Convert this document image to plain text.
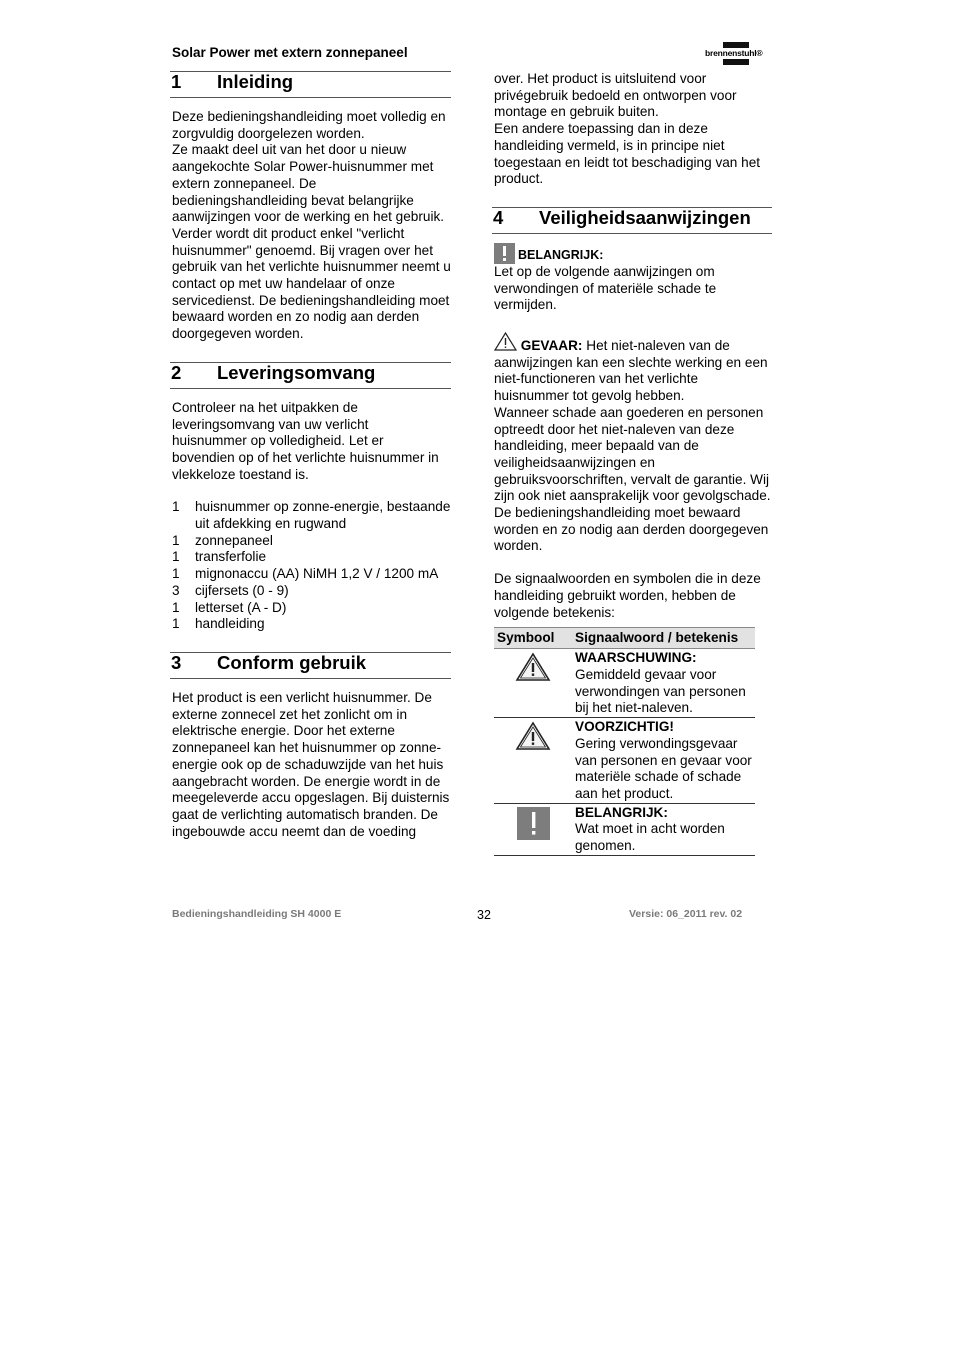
Solar Power met extern zonnepaneel	brennenstuhl®
1 Inleiding

Deze bedieningshandleiding moet volledig en zorgvuldig doorgelezen worden.
Ze maakt deel uit van het door u nieuw aangekochte Solar Power-huisnummer met extern zonnepaneel. De bedieningshandleiding bevat belangrijke aanwijzingen voor de werking en het gebruik. Verder wordt dit product enkel "verlicht huisnummer" genoemd. Bij vragen over het gebruik van het verlichte huisnummer neemt u contact op met uw handelaar of onze servicedienst. De bedieningshandleiding moet bewaard worden en zo nodig aan derden doorgegeven worden.

2 Leveringsomvang

Controleer na het uitpakken de leveringsomvang van uw verlicht huisnummer op volledigheid. Let er bovendien op of het verlichte huisnummer in vlekkeloze toestand is.

1	huisnummer op zonne-energie, bestaande uit afdekking en rugwand
1	zonnepaneel
1	transferfolie
1	mignonaccu (AA) NiMH 1,2 V / 1200 mA
3	cijfersets (0 - 9)
1	letterset (A - D)
1	handleiding
3 Conform gebruik

Het product is een verlicht huisnummer. De externe zonnecel zet het zonlicht om in elektrische energie. Door het externe zonnepaneel kan het huisnummer op zonne-energie ook op de schaduwzijde van het huis aangebracht worden. De energie wordt in de meegeleverde accu opgeslagen. Bij duisternis gaat de verlichting automatisch branden. De ingebouwde accu neemt dan de voeding

over. Het product is uitsluitend voor privégebruik bedoeld en ontworpen voor montage en gebruik buiten.
Een andere toepassing dan in deze handleiding vermeld, is in principe niet toegestaan en leidt tot beschadiging van het product.

4 Veiligheidsaanwijzingen
BELANGRIJK:

Let op de volgende aanwijzingen om verwondingen of materiële schade te vermijden.

GEVAAR: Het niet-naleven van de aanwijzingen kan een slechte werking en een niet-functioneren van het verlichte huisnummer tot gevolg hebben.
Wanneer schade aan goederen en personen optreedt door het niet-naleven van deze handleiding, meer bepaald van de veiligheidsaanwijzingen en gebruiksvoorschriften, vervalt de garantie. Wij zijn ook niet aansprakelijk voor gevolgschade.
De bedieningshandleiding moet bewaard worden en zo nodig aan derden doorgegeven worden.

De signaalwoorden en symbolen die in deze handleiding gebruikt worden, hebben de volgende betekenis:

Symbool	Signaalwoord / betekenis

WAARSCHUWING:
Gemiddeld gevaar voor verwondingen van personen bij het niet-naleven.

VOORZICHTIG!
Gering verwondingsgevaar van personen en gevaar voor materiële schade of schade aan het product.

BELANGRIJK:
Wat moet in acht worden genomen.
Bedieningshandleiding SH 4000 E	32	Versie: 06_2011 rev. 02
